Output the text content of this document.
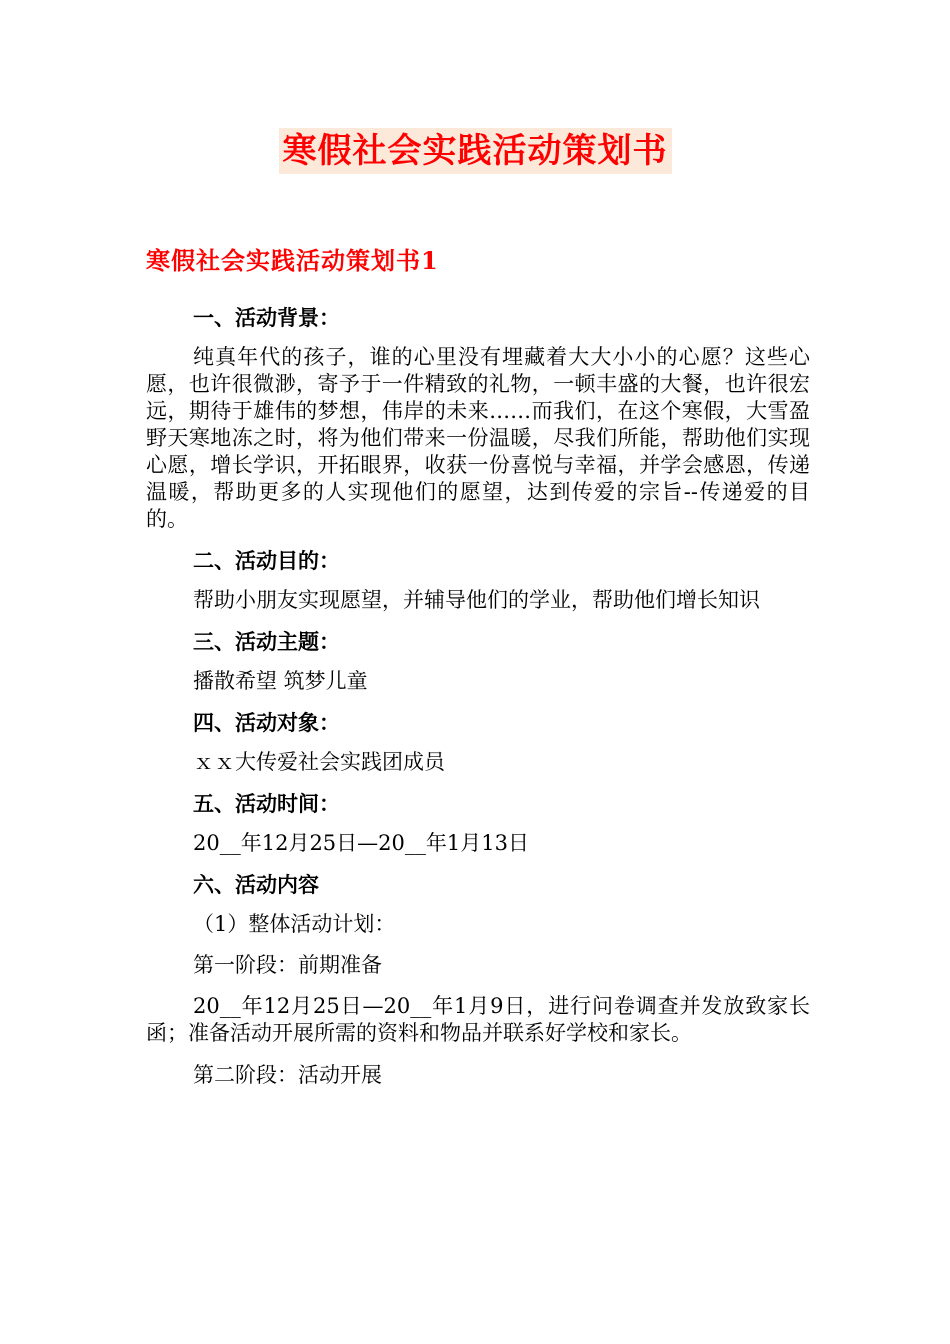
寒假社会实践活动策划书
寒假社会实践活动策划书1
一、活动背景：
纯真年代的孩子，谁的心里没有埋藏着大大小小的心愿？这些心愿，也许很微渺，寄予于一件精致的礼物，一顿丰盛的大餐，也许很宏远，期待于雄伟的梦想，伟岸的未来……而我们，在这个寒假，大雪盈野天寒地冻之时，将为他们带来一份温暖，尽我们所能，帮助他们实现心愿，增长学识，开拓眼界，收获一份喜悦与幸福，并学会感恩，传递温暖，帮助更多的人实现他们的愿望，达到传爱的宗旨--传递爱的目的。
二、活动目的：
帮助小朋友实现愿望，并辅导他们的学业，帮助他们增长知识
三、活动主题：
播散希望 筑梦儿童
四、活动对象：
ｘｘ大传爱社会实践团成员
五、活动时间：
20__年12月25日—20__年1月13日
六、活动内容
（1）整体活动计划：
第一阶段：前期准备
20__年12月25日—20__年1月9日，进行问卷调查并发放致家长函；准备活动开展所需的资料和物品并联系好学校和家长。
第二阶段：活动开展
